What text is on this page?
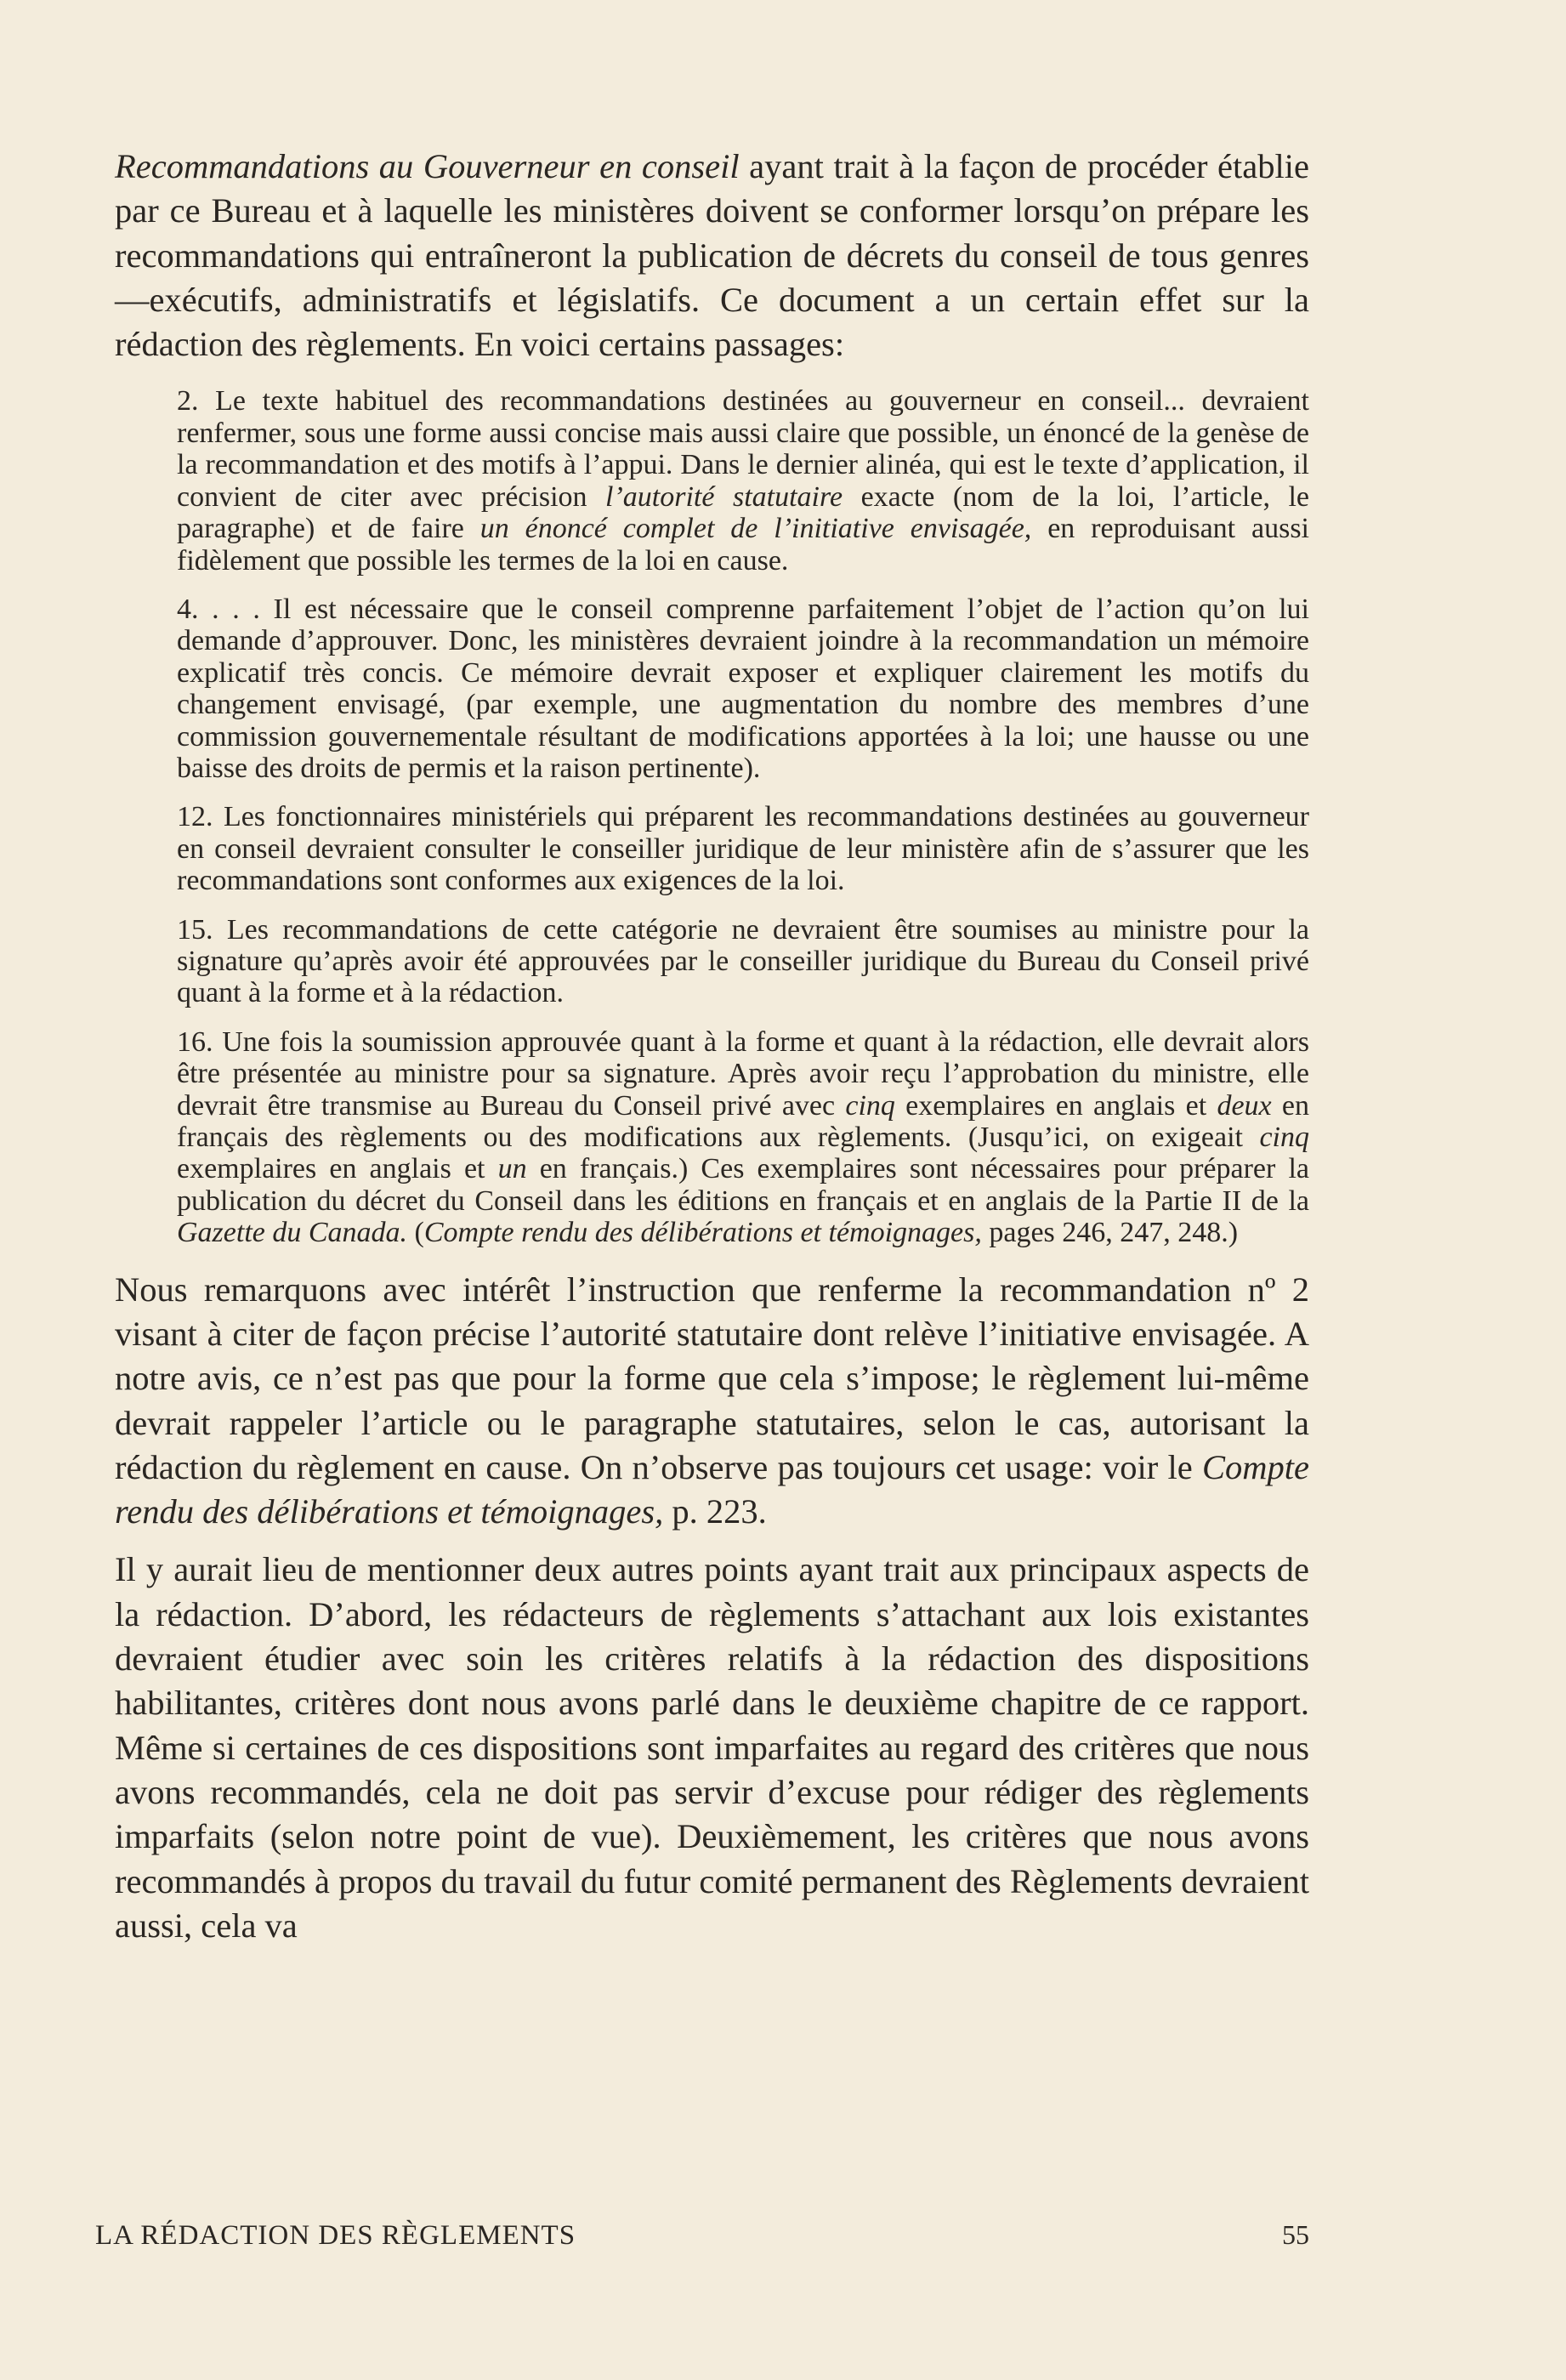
Recommandations au Gouverneur en conseil ayant trait à la façon de procéder établie par ce Bureau et à laquelle les ministères doivent se conformer lorsqu’on prépare les recommandations qui entraîneront la publication de décrets du conseil de tous genres—exécutifs, administratifs et législatifs. Ce document a un certain effet sur la rédaction des règlements. En voici certains passages:

2. Le texte habituel des recommandations destinées au gouverneur en conseil... devraient renfermer, sous une forme aussi concise mais aussi claire que possible, un énoncé de la genèse de la recommandation et des motifs à l’appui. Dans le dernier alinéa, qui est le texte d’application, il convient de citer avec précision l’autorité statutaire exacte (nom de la loi, l’article, le paragraphe) et de faire un énoncé complet de l’initiative envisagée, en reproduisant aussi fidèlement que possible les termes de la loi en cause.

4. . . . Il est nécessaire que le conseil comprenne parfaitement l’objet de l’action qu’on lui demande d’approuver. Donc, les ministères devraient joindre à la recommandation un mémoire explicatif très concis. Ce mémoire devrait exposer et expliquer clairement les motifs du changement envisagé, (par exemple, une augmentation du nombre des membres d’une commission gouvernementale résultant de modifications apportées à la loi; une hausse ou une baisse des droits de permis et la raison pertinente).

12. Les fonctionnaires ministériels qui préparent les recommandations destinées au gouverneur en conseil devraient consulter le conseiller juridique de leur ministère afin de s’assurer que les recommandations sont conformes aux exigences de la loi.

15. Les recommandations de cette catégorie ne devraient être soumises au ministre pour la signature qu’après avoir été approuvées par le conseiller juridique du Bureau du Conseil privé quant à la forme et à la rédaction.

16. Une fois la soumission approuvée quant à la forme et quant à la rédaction, elle devrait alors être présentée au ministre pour sa signature. Après avoir reçu l’approbation du ministre, elle devrait être transmise au Bureau du Conseil privé avec cinq exemplaires en anglais et deux en français des règlements ou des modifications aux règlements. (Jusqu’ici, on exigeait cinq exemplaires en anglais et un en français.) Ces exemplaires sont nécessaires pour préparer la publication du décret du Conseil dans les éditions en français et en anglais de la Partie II de la Gazette du Canada. (Compte rendu des délibérations et témoignages, pages 246, 247, 248.)

Nous remarquons avec intérêt l’instruction que renferme la recommandation nº 2 visant à citer de façon précise l’autorité statutaire dont relève l’initiative envisagée. A notre avis, ce n’est pas que pour la forme que cela s’impose; le règlement lui-même devrait rappeler l’article ou le paragraphe statutaires, selon le cas, autorisant la rédaction du règlement en cause. On n’observe pas toujours cet usage: voir le Compte rendu des délibérations et témoignages, p. 223.

Il y aurait lieu de mentionner deux autres points ayant trait aux principaux aspects de la rédaction. D’abord, les rédacteurs de règlements s’attachant aux lois existantes devraient étudier avec soin les critères relatifs à la rédaction des dispositions habilitantes, critères dont nous avons parlé dans le deuxième chapitre de ce rapport. Même si certaines de ces dispositions sont imparfaites au regard des critères que nous avons recommandés, cela ne doit pas servir d’excuse pour rédiger des règlements imparfaits (selon notre point de vue). Deuxièmement, les critères que nous avons recommandés à propos du travail du futur comité permanent des Règlements devraient aussi, cela va

LA RÉDACTION DES RÈGLEMENTS	55
